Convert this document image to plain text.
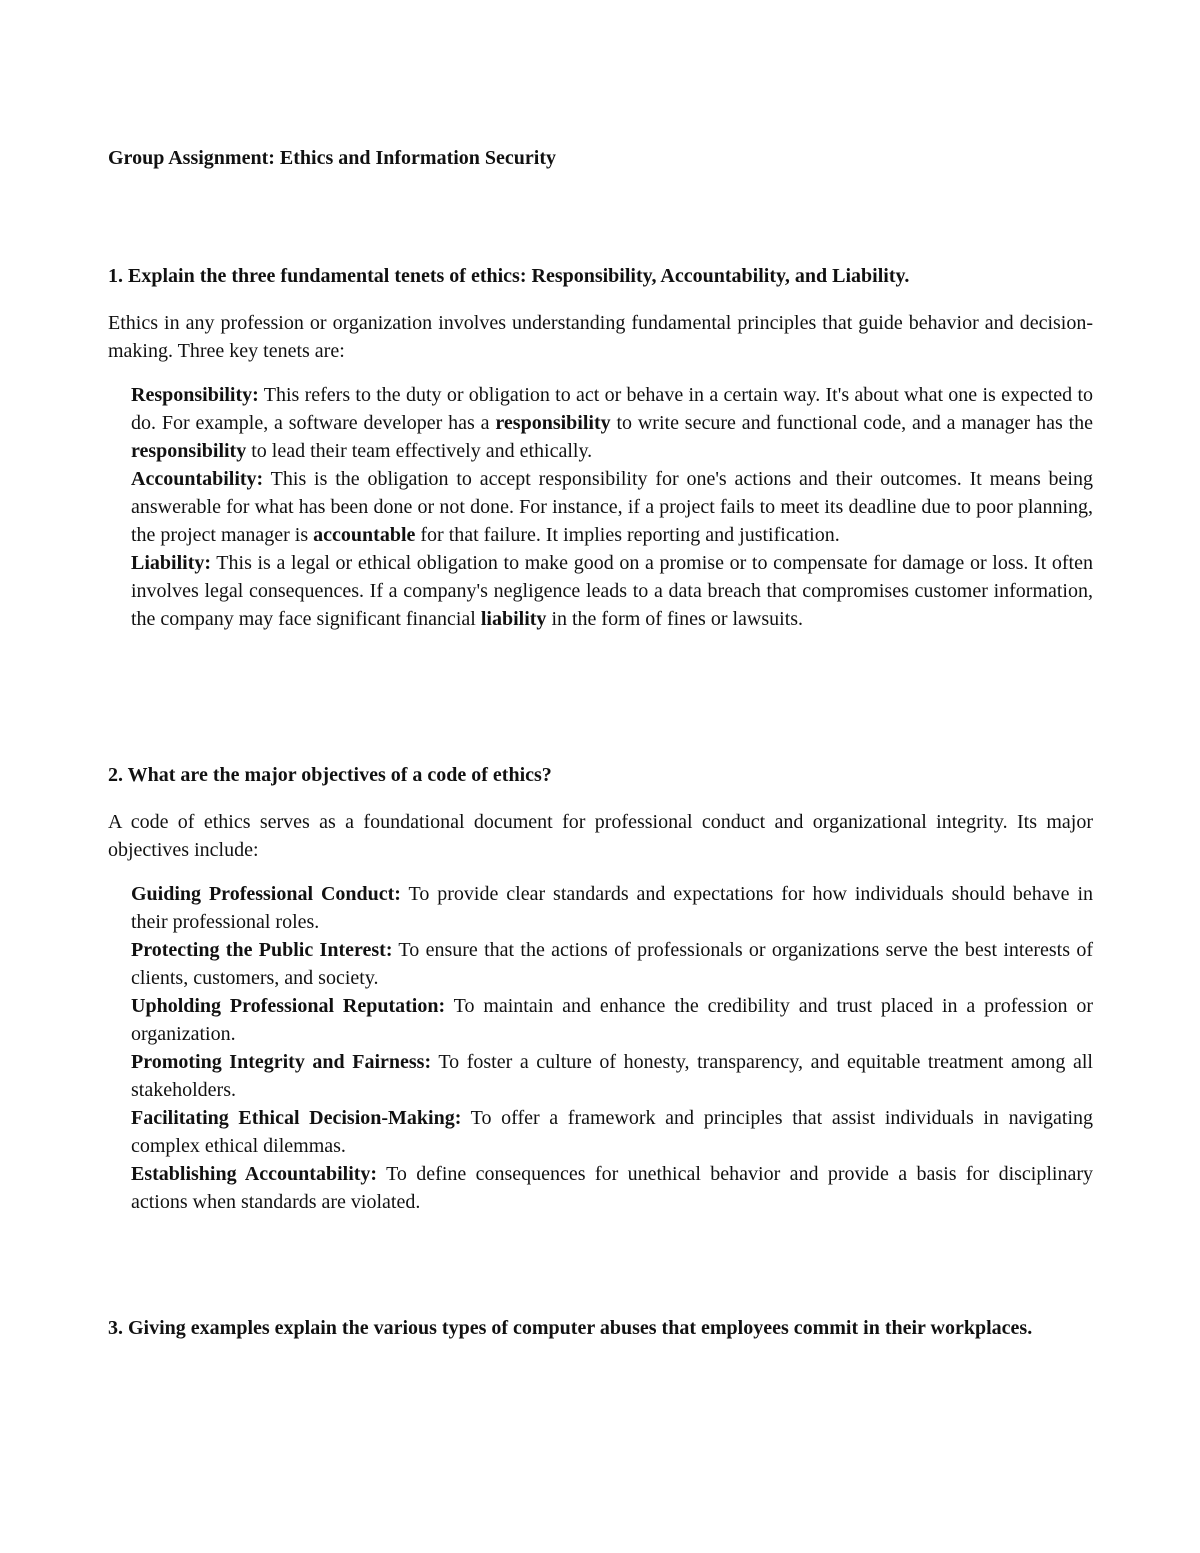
Group Assignment: Ethics and Information Security

1. Explain the three fundamental tenets of ethics: Responsibility, Accountability, and Liability.

Ethics in any profession or organization involves understanding fundamental principles that guide behavior and decision-making. Three key tenets are:

Responsibility: This refers to the duty or obligation to act or behave in a certain way. It's about what one is expected to do. For example, a software developer has a responsibility to write secure and functional code, and a manager has the responsibility to lead their team effectively and ethically.
Accountability: This is the obligation to accept responsibility for one's actions and their outcomes. It means being answerable for what has been done or not done. For instance, if a project fails to meet its deadline due to poor planning, the project manager is accountable for that failure. It implies reporting and justification.
Liability: This is a legal or ethical obligation to make good on a promise or to compensate for damage or loss. It often involves legal consequences. If a company's negligence leads to a data breach that compromises customer information, the company may face significant financial liability in the form of fines or lawsuits.

2. What are the major objectives of a code of ethics?

A code of ethics serves as a foundational document for professional conduct and organizational integrity. Its major objectives include:

Guiding Professional Conduct: To provide clear standards and expectations for how individuals should behave in their professional roles.
Protecting the Public Interest: To ensure that the actions of professionals or organizations serve the best interests of clients, customers, and society.
Upholding Professional Reputation: To maintain and enhance the credibility and trust placed in a profession or organization.
Promoting Integrity and Fairness: To foster a culture of honesty, transparency, and equitable treatment among all stakeholders.
Facilitating Ethical Decision-Making: To offer a framework and principles that assist individuals in navigating complex ethical dilemmas.
Establishing Accountability: To define consequences for unethical behavior and provide a basis for disciplinary actions when standards are violated.

3. Giving examples explain the various types of computer abuses that employees commit in their workplaces.
